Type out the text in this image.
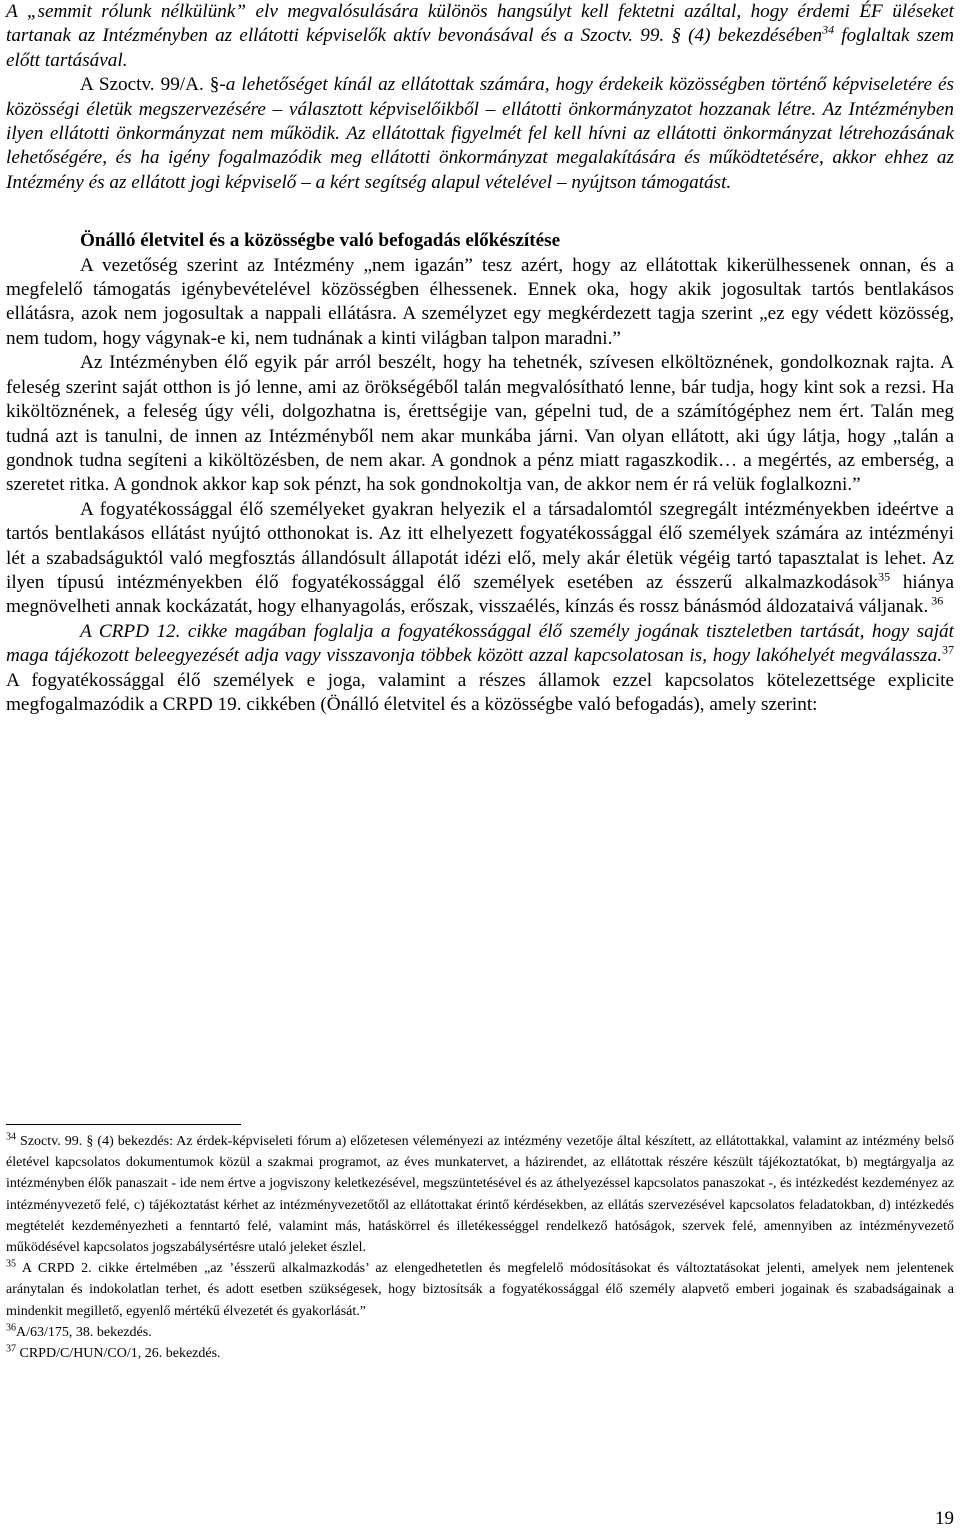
A „semmit rólunk nélkülünk” elv megvalósulására különös hangsúlyt kell fektetni azáltal, hogy érdemi ÉF üléseket tartanak az Intézményben az ellátotti képviselők aktív bevonásával és a Szoctv. 99. § (4) bekezdésében$^{34}$ foglaltak szem előtt tartásával.

A Szoctv. 99/A. §-a lehetőséget kínál az ellátottak számára, hogy érdekeik közösségben történő képviseletére és közösségi életük megszervezésére – választott képviselőikből – ellátotti önkormányzatot hozzanak létre. Az Intézményben ilyen ellátotti önkormányzat nem működik. Az ellátottak figyelmét fel kell hívni az ellátotti önkormányzat létrehozásának lehetőségére, és ha igény fogalmazódik meg ellátotti önkormányzat megalakítására és működtetésére, akkor ehhez az Intézmény és az ellátott jogi képviselő – a kért segítség alapul vételével – nyújtson támogatást.

Önálló életvitel és a közösségbe való befogadás előkészítése

A vezetőség szerint az Intézmény „nem igazán” tesz azért, hogy az ellátottak kikerülhessenek onnan, és a megfelelő támogatás igénybevételével közösségben élhessenek. Ennek oka, hogy akik jogosultak tartós bentlakásos ellátásra, azok nem jogosultak a nappali ellátásra. A személyzet egy megkérdezett tagja szerint „ez egy védett közösség, nem tudom, hogy vágynak-e ki, nem tudnának a kinti világban talpon maradni.”

Az Intézményben élő egyik pár arról beszélt, hogy ha tehetnék, szívesen elköltöznének, gondolkoznak rajta. A feleség szerint saját otthon is jó lenne, ami az örökségéből talán megvalósítható lenne, bár tudja, hogy kint sok a rezsi. Ha kiköltöznének, a feleség úgy véli, dolgozhatna is, érettségije van, gépelni tud, de a számítógéphez nem ért. Talán meg tudná azt is tanulni, de innen az Intézményből nem akar munkába járni. Van olyan ellátott, aki úgy látja, hogy „talán a gondnok tudna segíteni a kiköltözésben, de nem akar. A gondnok a pénz miatt ragaszkodik… a megértés, az emberség, a szeretet ritka. A gondnok akkor kap sok pénzt, ha sok gondnokoltja van, de akkor nem ér rá velük foglalkozni.”

A fogyatékossággal élő személyeket gyakran helyezik el a társadalomtól szegregált intézményekben ideértve a tartós bentlakásos ellátást nyújtó otthonokat is. Az itt elhelyezett fogyatékossággal élő személyek számára az intézményi lét a szabadságuktól való megfosztás állandósult állapotát idézi elő, mely akár életük végéig tartó tapasztalat is lehet. Az ilyen típusú intézményekben élő fogyatékossággal élő személyek esetében az ésszerű alkalmazkodások$^{35}$ hiánya megnövelheti annak kockázatát, hogy elhanyagolás, erőszak, visszaélés, kínzás és rossz bánásmód áldozataivá váljanak. $^{36}$

A CRPD 12. cikke magában foglalja a fogyatékossággal élő személy jogának tiszteletben tartását, hogy saját maga tájékozott beleegyezését adja vagy visszavonja többek között azzal kapcsolatosan is, hogy lakóhelyét megválassza.$^{37}$ A fogyatékossággal élő személyek e joga, valamint a részes államok ezzel kapcsolatos kötelezettsége explicite megfogalmazódik a CRPD 19. cikkében (Önálló életvitel és a közösségbe való befogadás), amely szerint:

$^{34}$ Szoctv. 99. § (4) bekezdés: Az érdek-képviseleti fórum a) előzetesen véleményezi az intézmény vezetője által készített, az ellátottakkal, valamint az intézmény belső életével kapcsolatos dokumentumok közül a szakmai programot, az éves munkatervet, a házirendet, az ellátottak részére készült tájékoztatókat, b) megtárgyalja az intézményben élők panaszait - ide nem értve a jogviszony keletkezésével, megszüntetésével és az áthelyezéssel kapcsolatos panaszokat -, és intézkedést kezdeményez az intézményvezető felé, c) tájékoztatást kérhet az intézményvezetőtől az ellátottakat érintő kérdésekben, az ellátás szervezésével kapcsolatos feladatokban, d) intézkedés megtételét kezdeményezheti a fenntartó felé, valamint más, hatáskörrel és illetékességgel rendelkező hatóságok, szervek felé, amennyiben az intézményvezető működésével kapcsolatos jogszabálysértésre utaló jeleket észlel.

$^{35}$ A CRPD 2. cikke értelmében „az ’ésszerű alkalmazkodás’ az elengedhetetlen és megfelelő módosításokat és változtatásokat jelenti, amelyek nem jelentenek aránytalan és indokolatlan terhet, és adott esetben szükségesek, hogy biztosítsák a fogyatékossággal élő személy alapvető emberi jogainak és szabadságainak a mindenkit megillető, egyenlő mértékű élvezetét és gyakorlását.”

$^{36}$A/63/175, 38. bekezdés.

$^{37}$ CRPD/C/HUN/CO/1, 26. bekezdés.

19
